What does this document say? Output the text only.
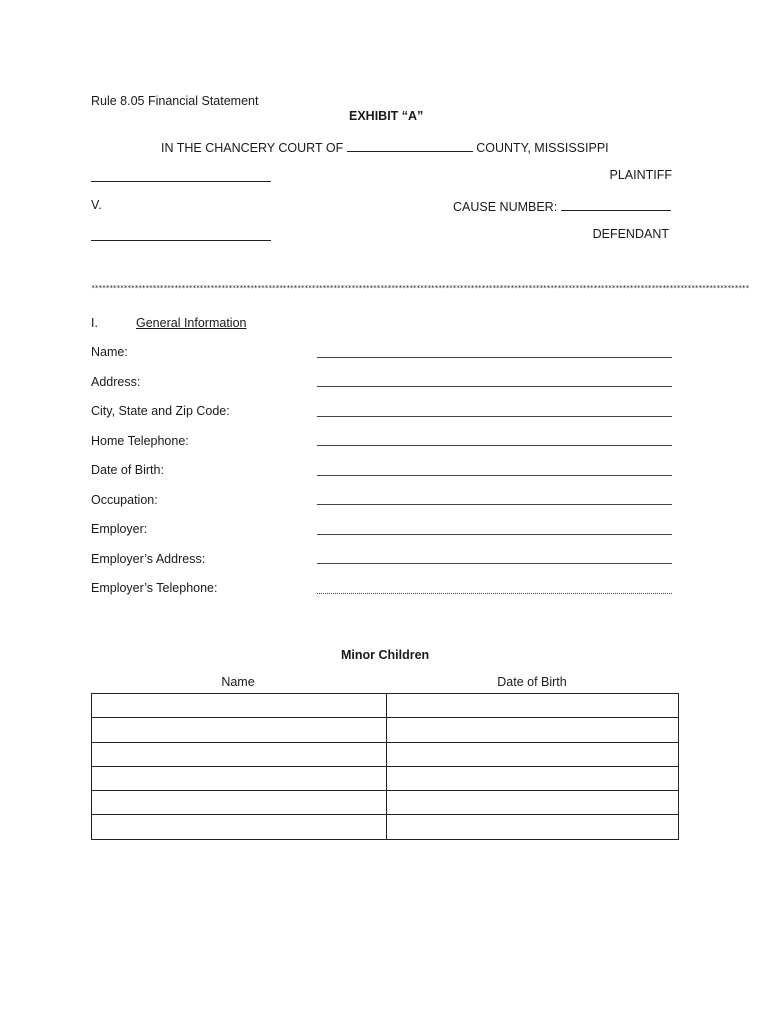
Rule 8.05 Financial Statement
EXHIBIT “A”
IN THE CHANCERY COURT OF	COUNTY, MISSISSIPPI
PLAINTIFF
V.	CAUSE NUMBER:
DEFENDANT
**************************************************************************************************************************************************************************************
I.	General Information
Name:
Address:
City, State and Zip Code:
Home Telephone:
Date of Birth:
Occupation:
Employer:
Employer’s Address:
Employer’s Telephone:
Minor Children
Name	Date of Birth
